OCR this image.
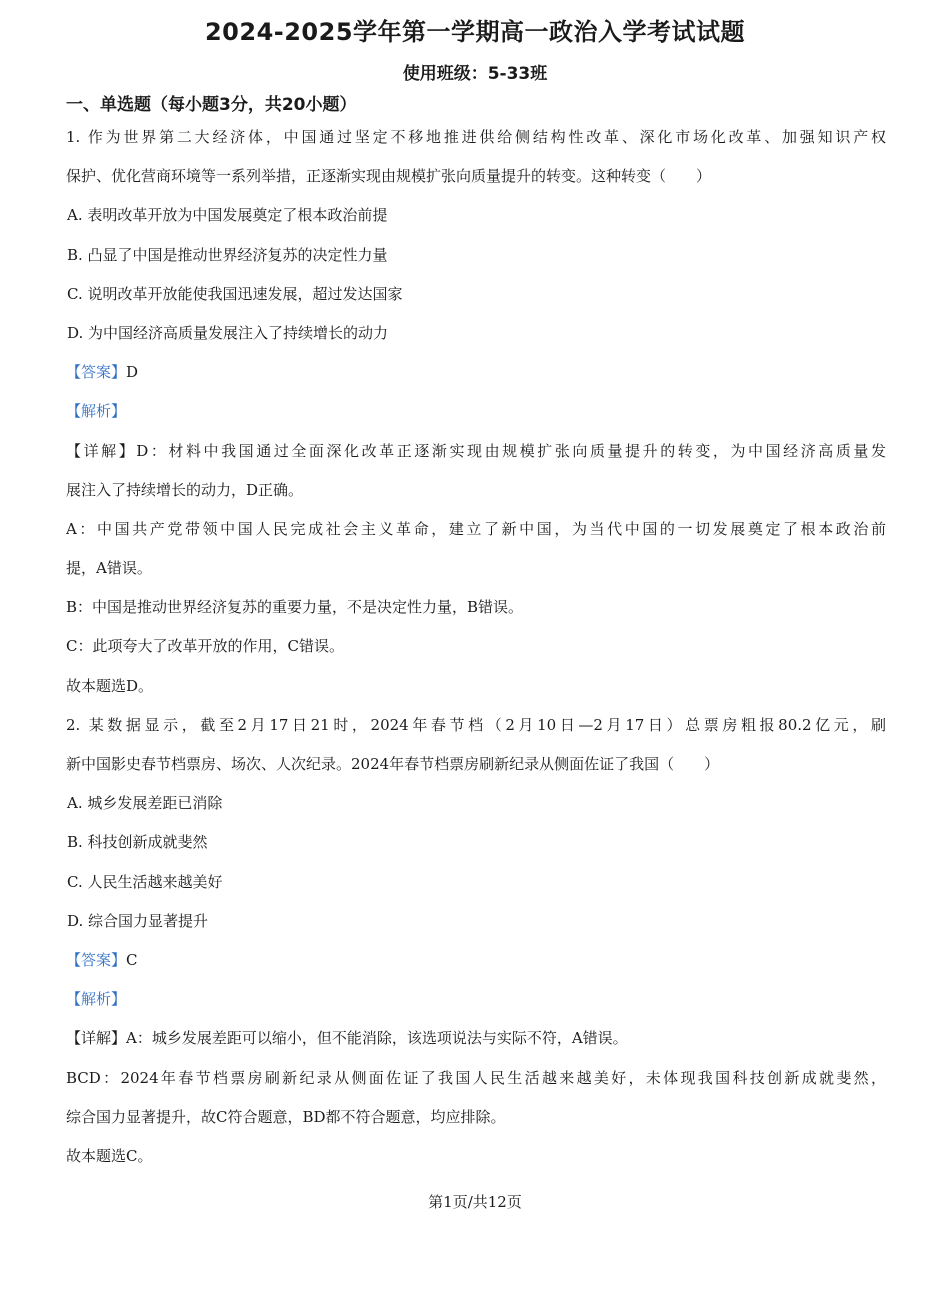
2024-2025学年第一学期高一政治入学考试试题
使用班级：5-33班
一、单选题（每小题3分，共20小题）
1. 作为世界第二大经济体，中国通过坚定不移地推进供给侧结构性改革、深化市场化改革、加强知识产权
保护、优化营商环境等一系列举措，正逐渐实现由规模扩张向质量提升的转变。这种转变（　　）
A. 表明改革开放为中国发展奠定了根本政治前提
B. 凸显了中国是推动世界经济复苏的决定性力量
C. 说明改革开放能使我国迅速发展，超过发达国家
D. 为中国经济高质量发展注入了持续增长的动力
【答案】D
【解析】
【详解】D：材料中我国通过全面深化改革正逐渐实现由规模扩张向质量提升的转变，为中国经济高质量发
展注入了持续增长的动力，D正确。
A：中国共产党带领中国人民完成社会主义革命，建立了新中国，为当代中国的一切发展奠定了根本政治前
提，A错误。
B：中国是推动世界经济复苏的重要力量，不是决定性力量，B错误。
C：此项夸大了改革开放的作用，C错误。
故本题选D。
2. 某数据显示，截至2月17日21时，2024年春节档（2月10日—2月17日）总票房粗报80.2亿元，刷
新中国影史春节档票房、场次、人次纪录。2024年春节档票房刷新纪录从侧面佐证了我国（　　）
A. 城乡发展差距已消除
B. 科技创新成就斐然
C. 人民生活越来越美好
D. 综合国力显著提升
【答案】C
【解析】
【详解】A：城乡发展差距可以缩小，但不能消除，该选项说法与实际不符，A错误。
BCD：2024年春节档票房刷新纪录从侧面佐证了我国人民生活越来越美好，未体现我国科技创新成就斐然，
综合国力显著提升，故C符合题意，BD都不符合题意，均应排除。
故本题选C。
第1页/共12页
